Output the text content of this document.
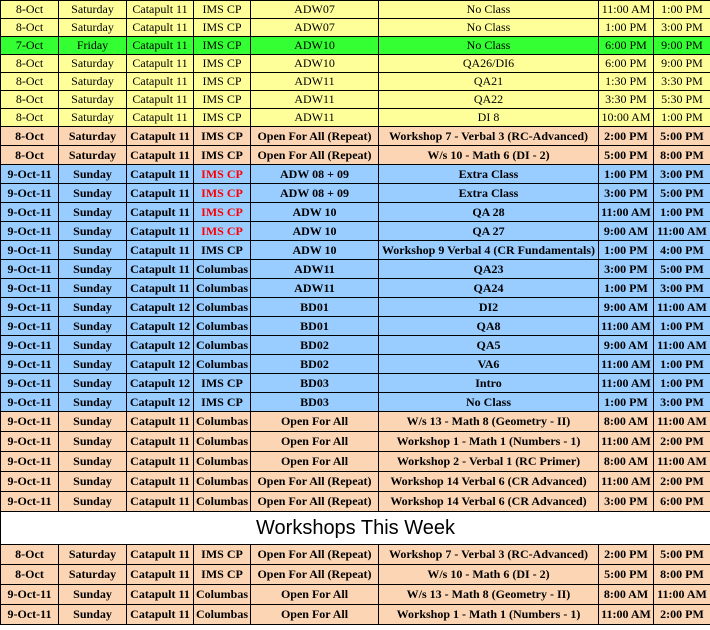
8-Oct	Saturday	Catapult 11	IMS CP	ADW07	No Class	11:00 AM	1:00 PM
8-Oct	Saturday	Catapult 11	IMS CP	ADW07	No Class	1:00 PM	3:00 PM
7-Oct	Friday	Catapult 11	IMS CP	ADW10	No Class	6:00 PM	9:00 PM
8-Oct	Saturday	Catapult 11	IMS CP	ADW10	QA26/DI6	6:00 PM	9:00 PM
8-Oct	Saturday	Catapult 11	IMS CP	ADW11	QA21	1:30 PM	3:30 PM
8-Oct	Saturday	Catapult 11	IMS CP	ADW11	QA22	3:30 PM	5:30 PM
8-Oct	Saturday	Catapult 11	IMS CP	ADW11	DI 8	10:00 AM	1:00 PM
8-Oct	Saturday	Catapult 11	IMS CP	Open For All (Repeat)	Workshop 7 - Verbal 3 (RC-Advanced)	2:00 PM	5:00 PM
8-Oct	Saturday	Catapult 11	IMS CP	Open For All (Repeat)	W/s 10 - Math 6 (DI - 2)	5:00 PM	8:00 PM
9-Oct-11	Sunday	Catapult 11	IMS CP	ADW 08 + 09	Extra Class	1:00 PM	3:00 PM
9-Oct-11	Sunday	Catapult 11	IMS CP	ADW 08 + 09	Extra Class	3:00 PM	5:00 PM
9-Oct-11	Sunday	Catapult 11	IMS CP	ADW 10	QA 28	11:00 AM	1:00 PM
9-Oct-11	Sunday	Catapult 11	IMS CP	ADW 10	QA 27	9:00 AM	11:00 AM
9-Oct-11	Sunday	Catapult 11	IMS CP	ADW 10	Workshop 9 Verbal 4 (CR Fundamentals)	1:00 PM	4:00 PM
9-Oct-11	Sunday	Catapult 11	Columbas	ADW11	QA23	3:00 PM	5:00 PM
9-Oct-11	Sunday	Catapult 11	Columbas	ADW11	QA24	1:00 PM	3:00 PM
9-Oct-11	Sunday	Catapult 12	Columbas	BD01	DI2	9:00 AM	11:00 AM
9-Oct-11	Sunday	Catapult 12	Columbas	BD01	QA8	11:00 AM	1:00 PM
9-Oct-11	Sunday	Catapult 12	Columbas	BD02	QA5	9:00 AM	11:00 AM
9-Oct-11	Sunday	Catapult 12	Columbas	BD02	VA6	11:00 AM	1:00 PM
9-Oct-11	Sunday	Catapult 12	IMS CP	BD03	Intro	11:00 AM	1:00 PM
9-Oct-11	Sunday	Catapult 12	IMS CP	BD03	No Class	1:00 PM	3:00 PM
9-Oct-11	Sunday	Catapult 11	Columbas	Open For All	W/s 13 - Math 8 (Geometry - II)	8:00 AM	11:00 AM
9-Oct-11	Sunday	Catapult 11	Columbas	Open For All	Workshop 1 - Math 1 (Numbers - 1)	11:00 AM	2:00 PM
9-Oct-11	Sunday	Catapult 11	Columbas	Open For All	Workshop 2 - Verbal 1 (RC Primer)	8:00 AM	11:00 AM
9-Oct-11	Sunday	Catapult 11	Columbas	Open For All (Repeat)	Workshop 14 Verbal 6 (CR Advanced)	11:00 AM	2:00 PM
9-Oct-11	Sunday	Catapult 11	Columbas	Open For All (Repeat)	Workshop 14 Verbal 6 (CR Advanced)	3:00 PM	6:00 PM
Workshops This Week							
8-Oct	Saturday	Catapult 11	IMS CP	Open For All (Repeat)	Workshop 7 - Verbal 3 (RC-Advanced)	2:00 PM	5:00 PM
8-Oct	Saturday	Catapult 11	IMS CP	Open For All (Repeat)	W/s 10 - Math 6 (DI - 2)	5:00 PM	8:00 PM
9-Oct-11	Sunday	Catapult 11	Columbas	Open For All	W/s 13 - Math 8 (Geometry - II)	8:00 AM	11:00 AM
9-Oct-11	Sunday	Catapult 11	Columbas	Open For All	Workshop 1 - Math 1 (Numbers - 1)	11:00 AM	2:00 PM
